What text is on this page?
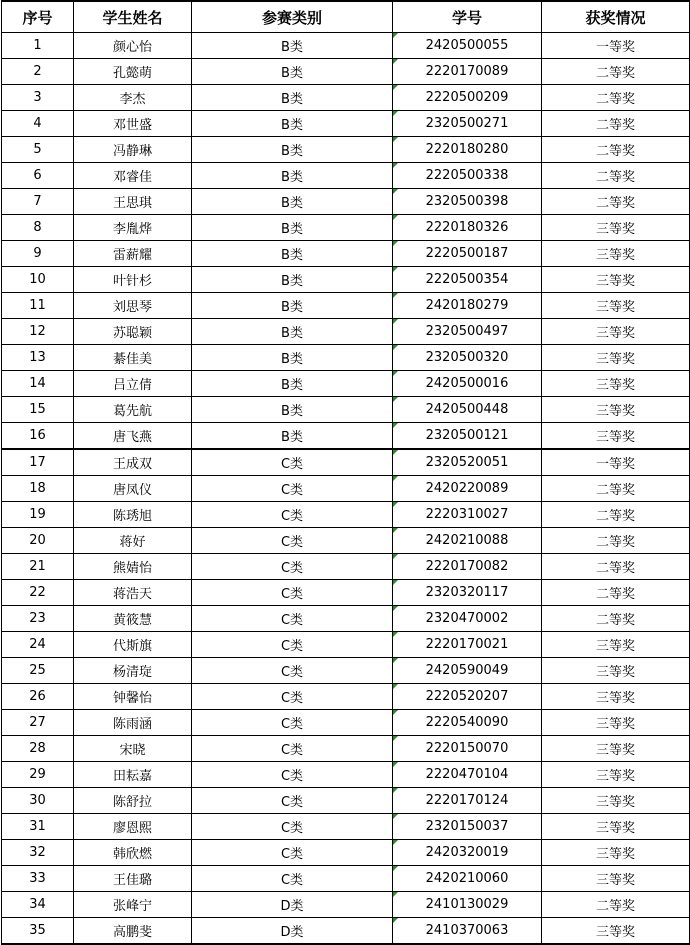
序号	学生姓名	参赛类别	学号	获奖情况
1	颜心怡	B类	2420500055	一等奖
2	孔懿萌	B类	2220170089	二等奖
3	李杰	B类	2220500209	二等奖
4	邓世盛	B类	2320500271	二等奖
5	冯静琳	B类	2220180280	二等奖
6	邓睿佳	B类	2220500338	二等奖
7	王思琪	B类	2320500398	二等奖
8	李胤烨	B类	2220180326	三等奖
9	雷薪耀	B类	2220500187	三等奖
10	叶针杉	B类	2220500354	三等奖
11	刘思琴	B类	2420180279	三等奖
12	苏聪颖	B类	2320500497	三等奖
13	綦佳美	B类	2320500320	三等奖
14	吕立倩	B类	2420500016	三等奖
15	葛先航	B类	2420500448	三等奖
16	唐飞燕	B类	2320500121	三等奖
17	王成双	C类	2320520051	一等奖
18	唐凤仪	C类	2420220089	二等奖
19	陈琇旭	C类	2220310027	二等奖
20	蒋好	C类	2420210088	二等奖
21	熊婧怡	C类	2220170082	二等奖
22	蒋浩天	C类	2320320117	二等奖
23	黄筱慧	C类	2320470002	二等奖
24	代斯旗	C类	2220170021	三等奖
25	杨清琁	C类	2420590049	三等奖
26	钟馨怡	C类	2220520207	三等奖
27	陈雨涵	C类	2220540090	三等奖
28	宋晓	C类	2220150070	三等奖
29	田耘嘉	C类	2220470104	三等奖
30	陈舒拉	C类	2220170124	三等奖
31	廖恩熙	C类	2320150037	三等奖
32	韩欣燃	C类	2420320019	三等奖
33	王佳璐	C类	2420210060	三等奖
34	张峰宁	D类	2410130029	二等奖
35	高鹏斐	D类	2410370063	三等奖
